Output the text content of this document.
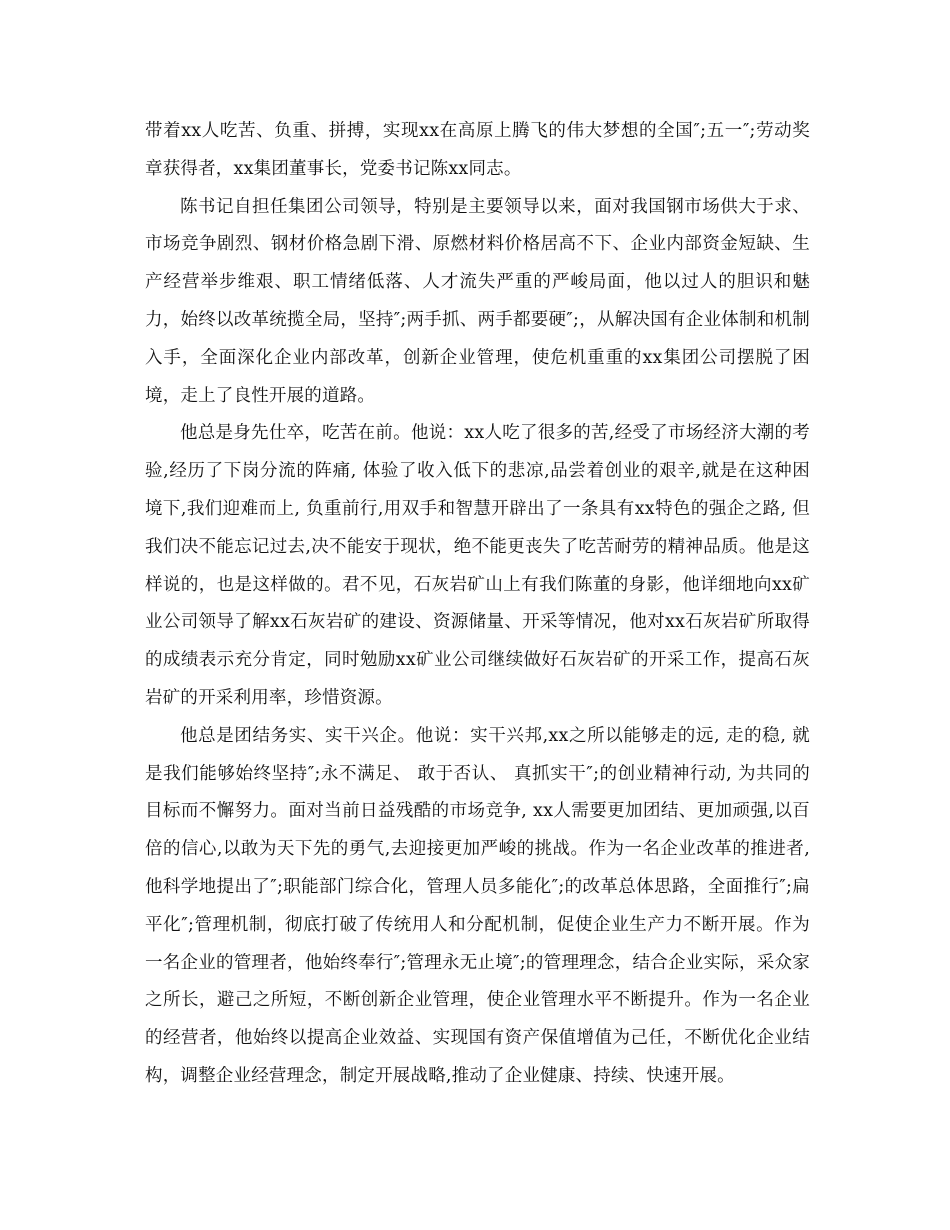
带着xx人吃苦、负重、拼搏，实现xx在高原上腾飞的伟大梦想的全国″;五一″;劳动奖章获得者，xx集团董事长，党委书记陈xx同志。

陈书记自担任集团公司领导，特别是主要领导以来，面对我国钢市场供大于求、市场竞争剧烈、钢材价格急剧下滑、原燃材料价格居高不下、企业内部资金短缺、生产经营举步维艰、职工情绪低落、人才流失严重的严峻局面，他以过人的胆识和魅力，始终以改革统揽全局，坚持″;两手抓、两手都要硬″;，从解决国有企业体制和机制入手，全面深化企业内部改革，创新企业管理，使危机重重的xx集团公司摆脱了困境，走上了良性开展的道路。

他总是身先仕卒，吃苦在前。他说：xx人吃了很多的苦,经受了市场经济大潮的考验,经历了下岗分流的阵痛, 体验了收入低下的悲凉,品尝着创业的艰辛,就是在这种困境下,我们迎难而上, 负重前行,用双手和智慧开辟出了一条具有xx特色的强企之路, 但我们决不能忘记过去,决不能安于现状，绝不能更丧失了吃苦耐劳的精神品质。他是这样说的，也是这样做的。君不见，石灰岩矿山上有我们陈董的身影，他详细地向xx矿业公司领导了解xx石灰岩矿的建设、资源储量、开采等情况，他对xx石灰岩矿所取得的成绩表示充分肯定，同时勉励xx矿业公司继续做好石灰岩矿的开采工作，提高石灰岩矿的开采利用率，珍惜资源。

他总是团结务实、实干兴企。他说：实干兴邦,xx之所以能够走的远, 走的稳, 就是我们能够始终坚持″;永不满足、 敢于否认、 真抓实干″;的创业精神行动, 为共同的目标而不懈努力。面对当前日益残酷的市场竞争, xx人需要更加团结、更加顽强,以百倍的信心,以敢为天下先的勇气,去迎接更加严峻的挑战。作为一名企业改革的推进者, 他科学地提出了″;职能部门综合化，管理人员多能化″;的改革总体思路，全面推行″;扁平化″;管理机制，彻底打破了传统用人和分配机制，促使企业生产力不断开展。作为一名企业的管理者，他始终奉行″;管理永无止境″;的管理理念，结合企业实际，采众家之所长，避己之所短，不断创新企业管理，使企业管理水平不断提升。作为一名企业的经营者，他始终以提高企业效益、实现国有资产保值增值为己任，不断优化企业结构，调整企业经营理念，制定开展战略,推动了企业健康、持续、快速开展。
